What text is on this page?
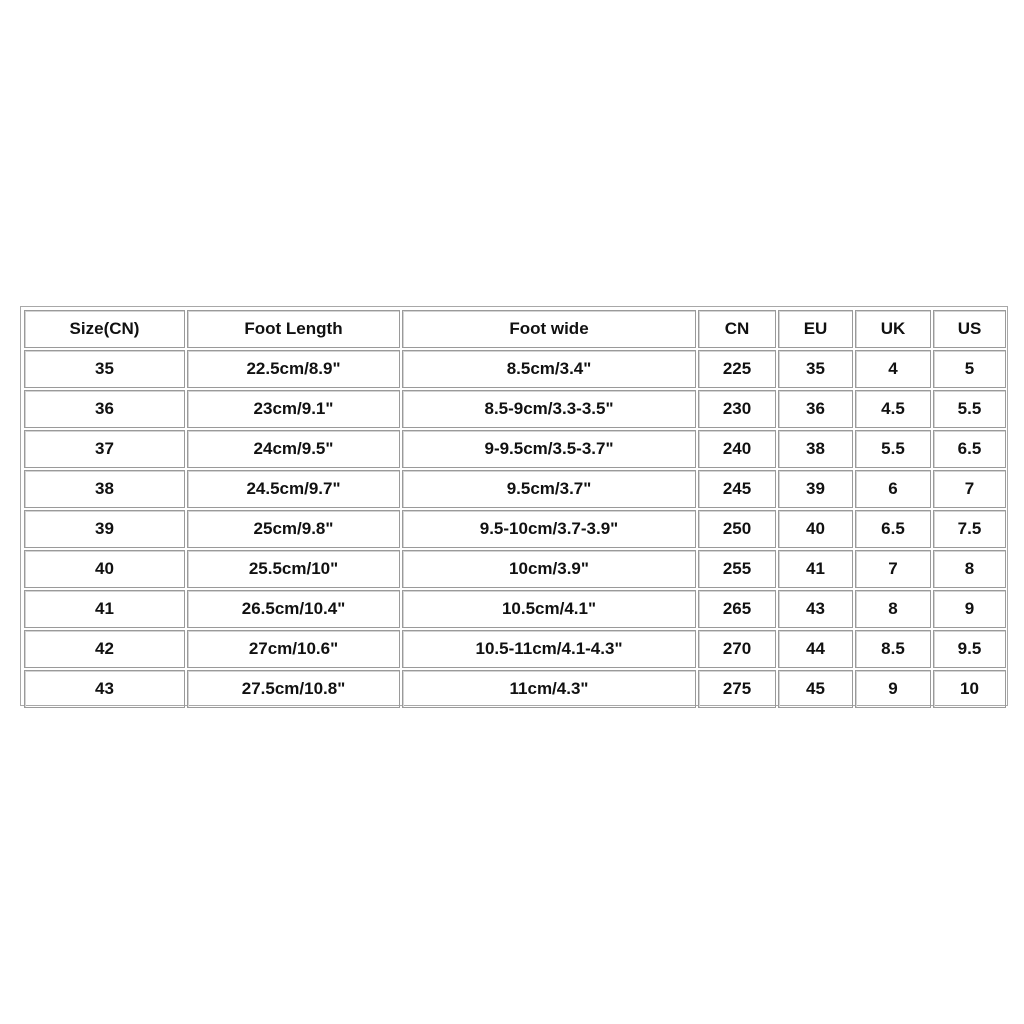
Size(CN)	Foot Length	Foot wide	CN	EU	UK	US
35	22.5cm/8.9"	8.5cm/3.4"	225	35	4	5
36	23cm/9.1"	8.5-9cm/3.3-3.5"	230	36	4.5	5.5
37	24cm/9.5"	9-9.5cm/3.5-3.7"	240	38	5.5	6.5
38	24.5cm/9.7"	9.5cm/3.7"	245	39	6	7
39	25cm/9.8"	9.5-10cm/3.7-3.9"	250	40	6.5	7.5
40	25.5cm/10"	10cm/3.9"	255	41	7	8
41	26.5cm/10.4"	10.5cm/4.1"	265	43	8	9
42	27cm/10.6"	10.5-11cm/4.1-4.3"	270	44	8.5	9.5
43	27.5cm/10.8"	11cm/4.3"	275	45	9	10
